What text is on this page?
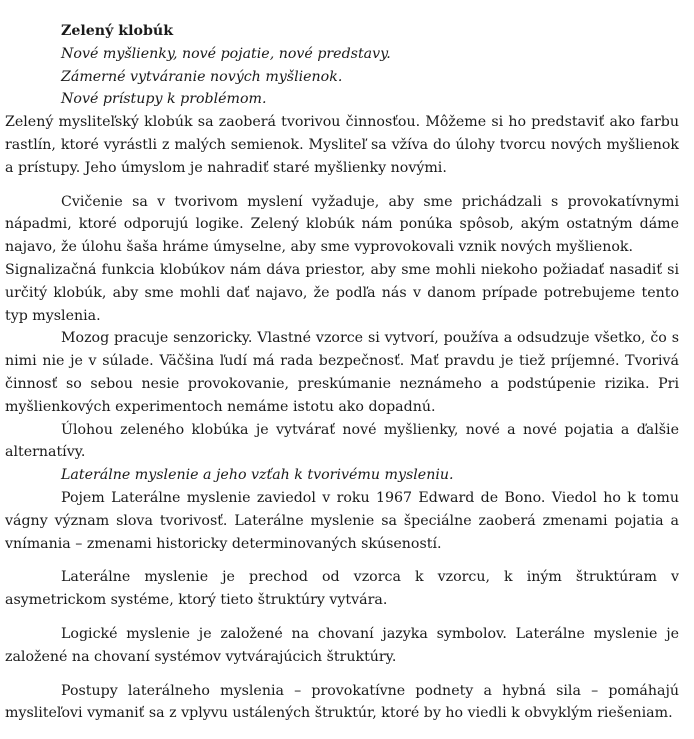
Zelený klobúk

Nové myšlienky, nové pojatie, nové predstavy.

Zámerné vytváranie nových myšlienok.

Nové prístupy k problémom.

Zelený mysliteľský klobúk sa zaoberá tvorivou činnosťou. Môžeme si ho predstaviť ako farbu rastlín, ktoré vyrástli z malých semienok. Mysliteľ sa vžíva do úlohy tvorcu nových myšlienok a prístupy. Jeho úmyslom je nahradiť staré myšlienky novými.

Cvičenie sa v tvorivom myslení vyžaduje, aby sme prichádzali s provokatívnymi nápadmi, ktoré odporujú logike. Zelený klobúk nám ponúka spôsob, akým ostatným dáme najavo, že úlohu šaša hráme úmyselne, aby sme vyprovokovali vznik nových myšlienok.

Signalizačná funkcia klobúkov nám dáva priestor, aby sme mohli niekoho požiadať nasadiť si určitý klobúk, aby sme mohli dať najavo, že podľa nás v danom prípade potrebujeme tento typ myslenia.

Mozog pracuje senzoricky. Vlastné vzorce si vytvorí, používa a odsudzuje všetko, čo s nimi nie je v súlade. Väčšina ľudí má rada bezpečnosť. Mať pravdu je tiež príjemné. Tvorivá činnosť so sebou nesie provokovanie, preskúmanie neznámeho a podstúpenie rizika. Pri myšlienkových experimentoch nemáme istotu ako dopadnú.

Úlohou zeleného klobúka je vytvárať nové myšlienky, nové a nové pojatia a ďalšie alternatívy.

Laterálne myslenie a jeho vzťah k tvorivému mysleniu.

Pojem Laterálne myslenie zaviedol v roku 1967 Edward de Bono. Viedol ho k tomu vágny význam slova tvorivosť. Laterálne myslenie sa špeciálne zaoberá zmenami pojatia a vnímania – zmenami historicky determinovaných skúseností.

Laterálne myslenie je prechod od vzorca k vzorcu, k iným štruktúram v asymetrickom systéme, ktorý tieto štruktúry vytvára.

Logické myslenie je založené na chovaní jazyka symbolov. Laterálne myslenie je založené na chovaní systémov vytvárajúcich štruktúry.

Postupy laterálneho myslenia – provokatívne podnety a hybná sila – pomáhajú mysliteľovi vymaniť sa z vplyvu ustálených štruktúr, ktoré by ho viedli k obvyklým riešeniam.
